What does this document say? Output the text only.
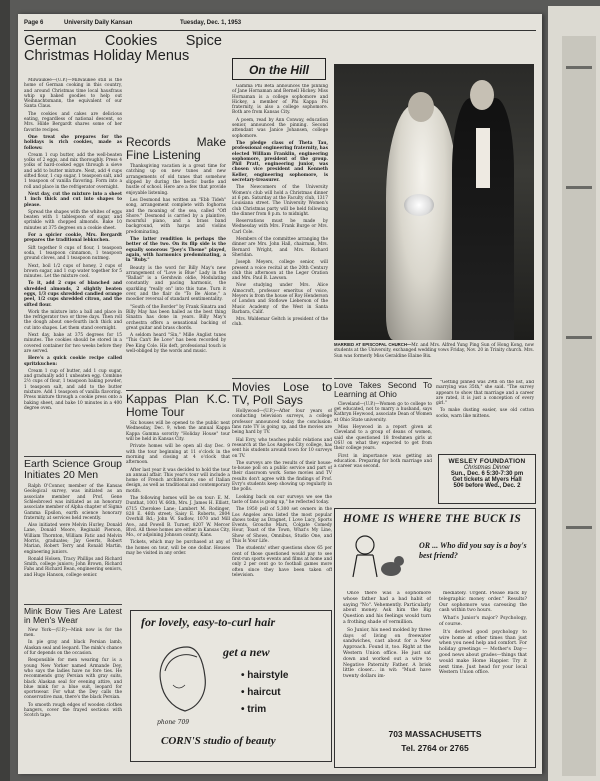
Page 6	University Daily Kansan	Tuesday, Dec. 1, 1953
German Cookies Spice Christmas Holiday Menus

Milwaukee—(U.P.)—Milwaukee still is the home of German cooking in this country, and around Christmas time local hausfraus whip up baked goodies to help out Weihnachtsmann, the equivalent of our Santa Claus.

The cookies and cakes are delicious eating, regardless of national descent, so Mrs. Hilde Bergardt shares some of her favorite recipes.

One treat she prepares for the holidays is rich cookies, made as follows:

Cream 1 cup butter, add the well-beaten yolks of 2 eggs, and mix thoroughly. Press 4 yolks of hard-cooked eggs through a sieve and add to butter mixture. Next, add 4 cups sifted flour, 1 cup sugar, 1 teaspoon salt, and 1 teaspoon of vanilla flavoring. Form into a roll and place in the refrigerator overnight.

Next day, cut the mixture into a sheet 1 inch thick and cut into shapes to please.

Spread the shapes with the whites of eggs beaten with 1 tablespoon of sugar, and sprinkle with chopped almonds. Bake 10 minutes at 375 degrees on a cookie sheet.

For a spicier cookie, Mrs. Bergardt prepares the traditional lebkuchen.

Sift together 8 cups of flour, 1 teaspoon soda, 1 teaspoon cinnamon, 1 teaspoon ground cloves, and 1 teaspoon nutmeg.

Next, boil 1/2 cups of honey, 2 cups of brown sugar, and 1 cup water together for 5 minutes. Let the mixture cool.

To it, add 2 cups of blanched and shredded almonds, 2 slightly beaten eggs, 1/3 cups shredded candied orange peel, 1/2 cups shredded citron, and the sifted flour.

Work the mixture into a ball and place in the refrigerator two or three days. Then roll the dough about one-fourth inch thick and cut into shapes. Let them stand overnight.

Next day, bake at 375 degrees for 15 minutes. The cookies should be stored in a covered container for two weeks before they are served.

Here's a quick cookie recipe called spritzkuchen:

Cream 1 cup of butter, add 1 cup sugar, and gradually add 1 unbeaten egg. Combine 2½ cups of flour, 1 teaspoon baking powder, 1 teaspoon salt, and add to the butter mixture. Add 1 teaspoon of vanilla flavoring. Press mixture through a cookie press onto a baking sheet, and bake 10 minutes in a 400 degree oven.

Earth Science Group Initiates 20 Men

Ralph O'Connor, member of the Kansas Geological survey, was initiated as an associate member and Prof. Gene Schlesbrowd was initiated as an honorary associate member of Alpha chapter of Sigma Gamma Epsilon, earth science honorary fraternity, at services held recently.

Also initiated were Melvin Hurley, Donald Lane, Donald Moore, Reginald Pierson, William Thornton, William Fatic and Melvin Morris, graduates; Jay Geerts, Robert Marian, Robert Terry and Ronald Martin, engineering juniors.

Ronald Holsen, Tracy Phillips and Richard Smith, college juniors; John Brown, Richard Fahs and Richard Bean, engineering seniors, and Hugo Hanson, college senior.

Mink Bow Ties Are Latest in Men's Wear

New York—(U.P.)—Mink now is for the men.

In pie gray and black Persian lamb, Alaskan seal and leopard. The mink's chance of fur depends on the occasion.

Responsible for men wearing fur is a young New Yorker named Armande Dey, who says the ladies have no fore ties. He recommends gray Persian with gray suits, black Alaskan seal for evening attire, and blue mink for a blue suit, leopard for sportswear. For what the Dey calls the conservative man, there's the black Persian.

To smooth rough edges of wooden clothes hangers, cover the frayed sections with Scotch tape.

Records Make Fine Listening

Thanksgiving vacation is a great time for catching up on new tunes and new arrangements of old tunes that somehow slipped by during the hectic bustle and hustle of school. Here are a few that provide enjoyable listening.

Les Desmond has written an "Ebb Tideh" song, arrangement complete with foghorns and the moaning of the sea, called "Off Shore." Desmond is carried by a plaintive, mournful piano, and a brass band background, with harps and violins predominating.

The latter rendition is perhaps the better of the two. On its flip side is the equally sonorous "Joey's Theme" played, again, with harmonics predominating, a la "Ruby."

Beauty is the word for Billy May's new arrangement of "Love is Blue" Lady in the "Ballad" is a Gershwin oldie, Modulating constantly and pacing harmonic, the sparkling "really on" into this tune. Turn it over, and the flair do "To Be Alone," a moodier reversal of standard sentimentality.

"South of the Border" by Frank Sinatra and Billy May has been hailed as the best thing Sinatra has done in years. Billy May's orchestra offers a sensational backing of great guitar and brass chords.

A seldom heard "Sin," Mille Anglist tunes "This Can't Be Love" has been recorded by Pee King Cole. His deft, professional touch is well-obliged by the words and music.

Kappas Plan K.C. Home Tour

Six houses will be opened to the public next Wednesday, Dec. 9, when the annual Kappa Kappa Gamma sorority "Holiday House" tour will be held in Kansas City.

Private homes will be open all day Dec. 9 with the tour beginning at 11 o'clock in the morning and closing at 4 o'clock that afternoon.

After last year it was decided to hold the tour an annual affair. This year's tour will include a home of French architecture, one of Italian design, as well as traditional and contemporary motifs.

The following homes will be on tour: E. M. Dunthat, 1001 W. 66th, Mrs. J. James H. Elliott, 6715 Cherokee Lane; Lambert M. Rodinger, 828 E. 46th street; Saisy E. Roberts, 2804 Overhill Rd.; John W. Sudlow, 1070 and Mill Ave., and Powell B. Turner, 8207 W. Mercer Blvd. All these homes are either in Kansas City, Mo., or adjoining Johnson county, Kans.

Tickets, which may be purchased at any of the homes on tour, will be one dollar. Houses may be visited in any order.

for lovely, easy-to-curl hair
get a new
• hairstyle
• haircut
• trim
phone 709
CORN'S studio of beauty
On the Hill

Gamma Phi Beta announces the pinning of Jane Hornaman and Bernell Hickey. Miss Hornaman is a college sophomore and Hickey, a member of Phi Kappa Psi fraternity, is also a college sophomore. Both are from Kansas City.

A poem, read by Ann Conway, education senior, announced the pinning. Second attendant was Janice Johansen, college sophomore.

The pledge class of Theta Tau, professional engineering fraternity, has elected William Franklin, engineering sophomore, president of the group. Phil Pratt, engineering junior, was chosen vice president and Kenneth Keller, engineering sophomore, is secretary-treasurer.

The Newcomers of the University Women's club will hold a Christmas dinner at 6 pm. Saturday at the Faculty club, 1317 Louisiana street. The University Women's club Christmas party will be held following the dinner from 8 p.m. to midnight.

Reservations must be made by Wednesday with Mrs. Frank Burge or Mrs. Carl Cole.

Members of the committee arranging the dinner are Mrs. John Hall, chairman, Mrs. Bernard Wright, and Mrs. Richard Sheridan.

Joseph Meyers, college senior, will present a voice recital at the 20th Century club this afternoon at the Leger Oration and Mrs. Paul B. Lawson.

Now studying under Mrs. Alice Almocroft, professor emeritus of voice, Meyers is from the house of Roy Henderson of London and Stoflowe Lieberson of the Music Academy of the West in Santa Barbara, Calif.

Mrs. Waldemar Geltch is president of the club.

Movies Lose to TV, Poll Says

Hollywood—(U.P.)—After four years of conducting television surveys, a college professor announced today the conclusion: fans rate TV is going up, and the movies are being hard by TV.

Hal Evry, who teaches public relations and research at the Los Angeles City college, has sent his students around town for 10 surveys on TV.

The surveys are the results of their house-to-house poll on a public service and part of their classroom work. Some movies and TV results don't agree with the findings of Prof. Evry's students keep showing up regularly in the polls.

Looking back on our surveys we see the taste of fans is going up," he reflected today.

The 1950 poll of 5,300 set owners in the Los Angeles area listed the most popular shows today as Dragnet, I Love Lucy, Sports Events, Groucho Marx, Colgate Comedy Hour, Toast of the Town, What's My Line, Show of Shows, Omnibus, Studio One, and This Is Your Life.

The students' other questions show 65 per cent of those questioned would pay to see first-run sports events and films at home and only 2 per cent go to football games more often since they have been taken off television.

MARRIED AT EPISCOPAL CHURCH—Mr. and Mrs. Alfred Yung Ping Sun of Hong Kong, now students at the University, exchanged wedding vows Friday, Nov. 20 in Trinity church. Mrs. Sun was formerly Miss Geraldine Elaine Bix.
Love Takes Second To Learning at Ohio

Cleveland—(U.P.)—Women go to college to get educated, not to marry a husband, says Kathryn Heywood, associate Dean of Women at Ohio State university.

Miss Heywood in a report given at Cleveland to a group of deans of women, said she questioned 18 freshmen girls at OSU on what they expected to get from their college years.

First in importance was getting an education. Preparing for both marriage and a career was second.

"Getting pinned was 29th on the list, and marrying was 35th," she said. "The survey appears to show that marriage and a career are rated, it is just a conception of every girl."

To make dusting easier, use old cotton socks, warn like mittens.

WESLEY FOUNDATION
Christmas Dinner
Sun., Dec. 6 5:30-7:30 pm
Get tickets at Myers Hall
50¢ before Wed., Dec. 2
HOME IS WHERE THE BUCK IS
OR ... Who did you say is a boy's best friend?

Once there was a sophomore whose father had a bad habit of saying "No". Vehemently. Particularly about money. Ask him the Big Question and his feelings would turn a frothing shade of vermillion.

So Junior, his need molded by three days of living on freewater sandwiches, cast about for a New Approach. Found it, too. Right at the Western Union office. He just sat down and worked out a wire to Negative Paternity Father. A brisk little closer... in wit: "Must have twenty dollars im-

mediately. Urgent. Please Back by telegraphic money order." Results? Our sophomore was caressing the cash within two hours.

What's Junior's major? Psychology, of course.

It's derived good psychology to wire home at other times than just when you need help and comfort. For holiday greetings — Mother's Day—good news about grades—things that would make Home Happier. Try it next time. Just head for your local Western Union office.

703 MASSACHUSETTS
Tel. 2764 or 2765
